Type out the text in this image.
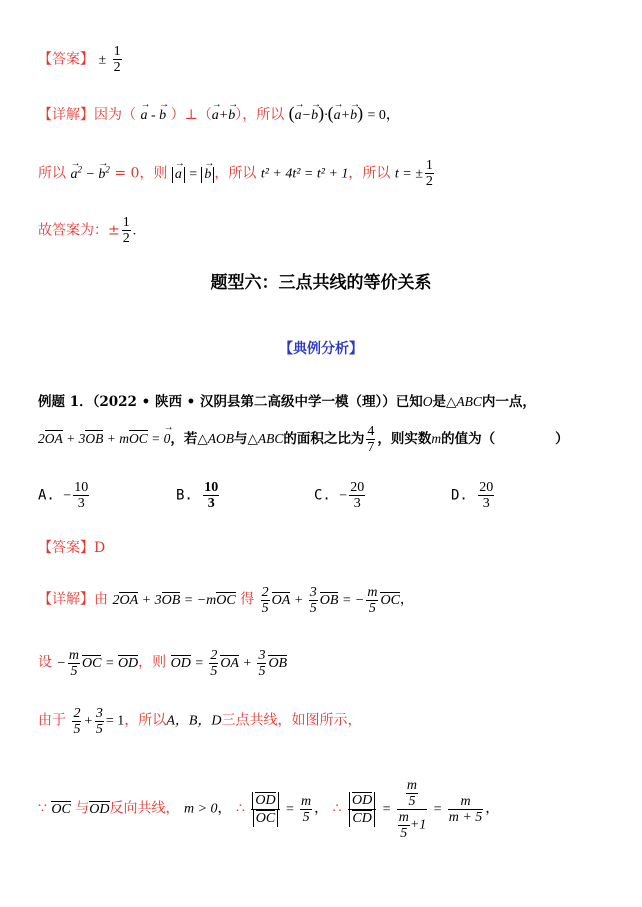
【答案】 ± $\frac{1}{2}$
【详解】因为（ → a - → b ）⊥（→ a+→ b），所以 (→ a−→ b)·(→ a+→ b) = 0，
所以 → $a^2$ − → $b^2 = 0$，则 → a = → b ，所以 t² + 4t² = t² + 1，所以 t = ± $\frac{1}{2}$
故答案为：± $\frac{1}{2}$ .
题型六：三点共线的等价关系
【典例分析】
例题 1．（2022 • 陕西 • 汉阴县第二高级中学一模（理））已知O是△ABC内一点，
2OA + 3OB + mOC = → 0，若△AOB与△ABC的面积之比为 $\frac{4}{7}$ ，则实数m的值为（	）
A. − $\frac{10}{3}$	B. $\frac{10}{3}$	C. − $\frac{20}{3}$	D. $\frac{20}{3}$
【答案】D
【详解】由 2OA + 3OB = −mOC 得 $\frac{2}{5}$ OA + $\frac{3}{5}$ OB = − $\frac{m}{5}$ OC，
设 − $\frac{m}{5}$ OC = OD，则 OD = $\frac{2}{5}$ OA + $\frac{3}{5}$ OB
由于 $\frac{2}{5} + \frac{3}{5} = 1$，所以A，B，D三点共线，如图所示，
∵ OC 与OD反向共线， m > 0， ∴ $\frac{OD}{OC} = \frac{m}{5}$ ， ∴ $\frac{OD}{CD} = \frac{\frac{m}{5}}{\frac{m}{5} +1} = \frac{m}{m + 5}$ ，
